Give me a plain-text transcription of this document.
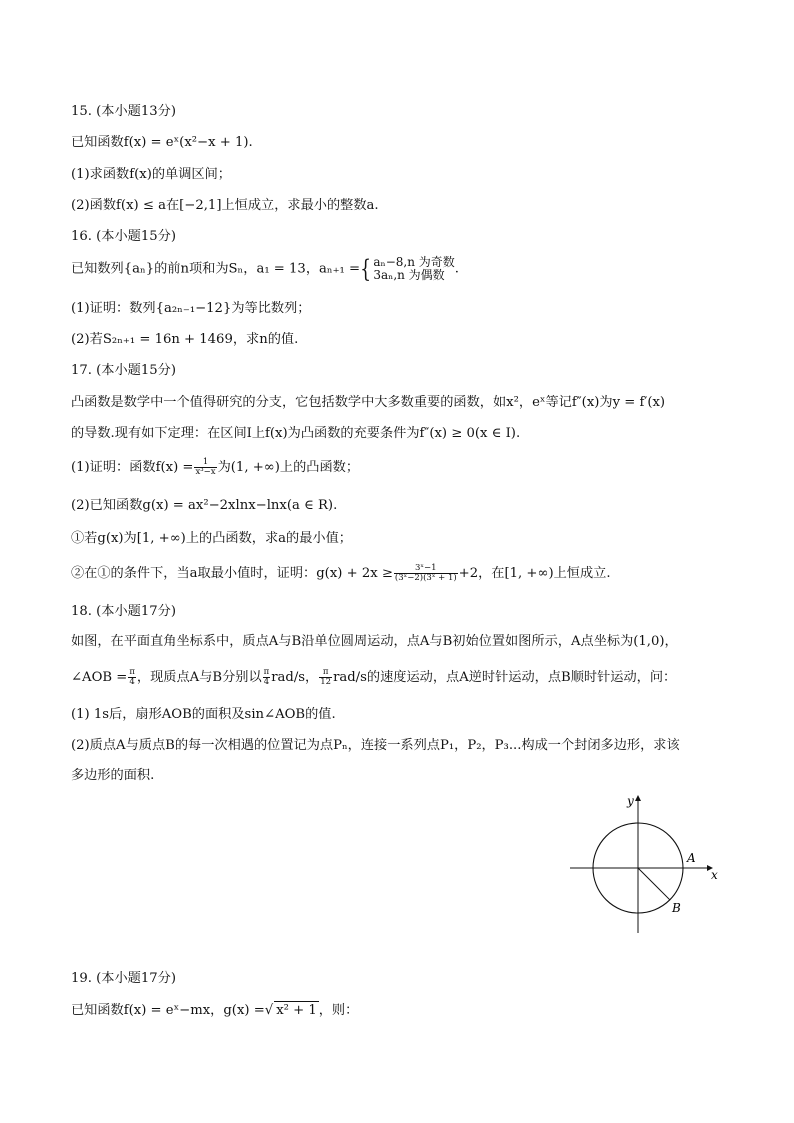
15. (本小题13分)
已知函数f(x) = eˣ(x²−x + 1).
(1)求函数f(x)的单调区间；
(2)函数f(x) ≤ a在[−2,1]上恒成立，求最小的整数a.
16. (本小题15分)
已知数列{aₙ}的前n项和为Sₙ，a₁ = 13，aₙ₊₁ ={ aₙ−8,n 为奇数
3aₙ,n 为偶数 .
(1)证明：数列{a₂ₙ₋₁−12}为等比数列；
(2)若S₂ₙ₊₁ = 16n + 1469，求n的值.
17. (本小题15分)
凸函数是数学中一个值得研究的分支，它包括数学中大多数重要的函数，如x²，eˣ等记f″(x)为y = f′(x)
的导数.现有如下定理：在区间I上f(x)为凸函数的充要条件为f″(x) ≥ 0(x ∈ I).
(1)证明：函数$f(x) = \frac{1}{\text{x³−x}}$ 为(1, +∞)上的凸函数；
(2)已知函数g(x) = ax²−2xlnx−lnx(a ∈ R).
①若g(x)为[1, +∞)上的凸函数，求a的最小值；
②在①的条件下，当a取最小值时，证明：$g(x) + 2x \ge \frac{\text{3ˣ−1}}{\text{(3ˣ−2)(3ˣ + 1)}} +2$，在[1, +∞)上恒成立.
18. (本小题17分)
如图，在平面直角坐标系中，质点A与B沿单位圆周运动，点A与B初始位置如图所示，A点坐标为(1,0)，
∠AOB = $\frac{\pi}{4}$ ，现质点A与B分别以 $\frac{\pi}{4} rad/s$， $\frac{\pi}{12} rad/s$的速度运动，点A逆时针运动，点B顺时针运动，问：
(1) 1s后，扇形AOB的面积及sin∠AOB的值.
(2)质点A与质点B的每一次相遇的位置记为点Pₙ，连接一系列点P₁，P₂，P₃...构成一个封闭多边形，求该
多边形的面积.
y
x
A
B
19. (本小题17分)
已知函数f(x) = eˣ−mx，g(x) =√ x² + 1 ，则：
